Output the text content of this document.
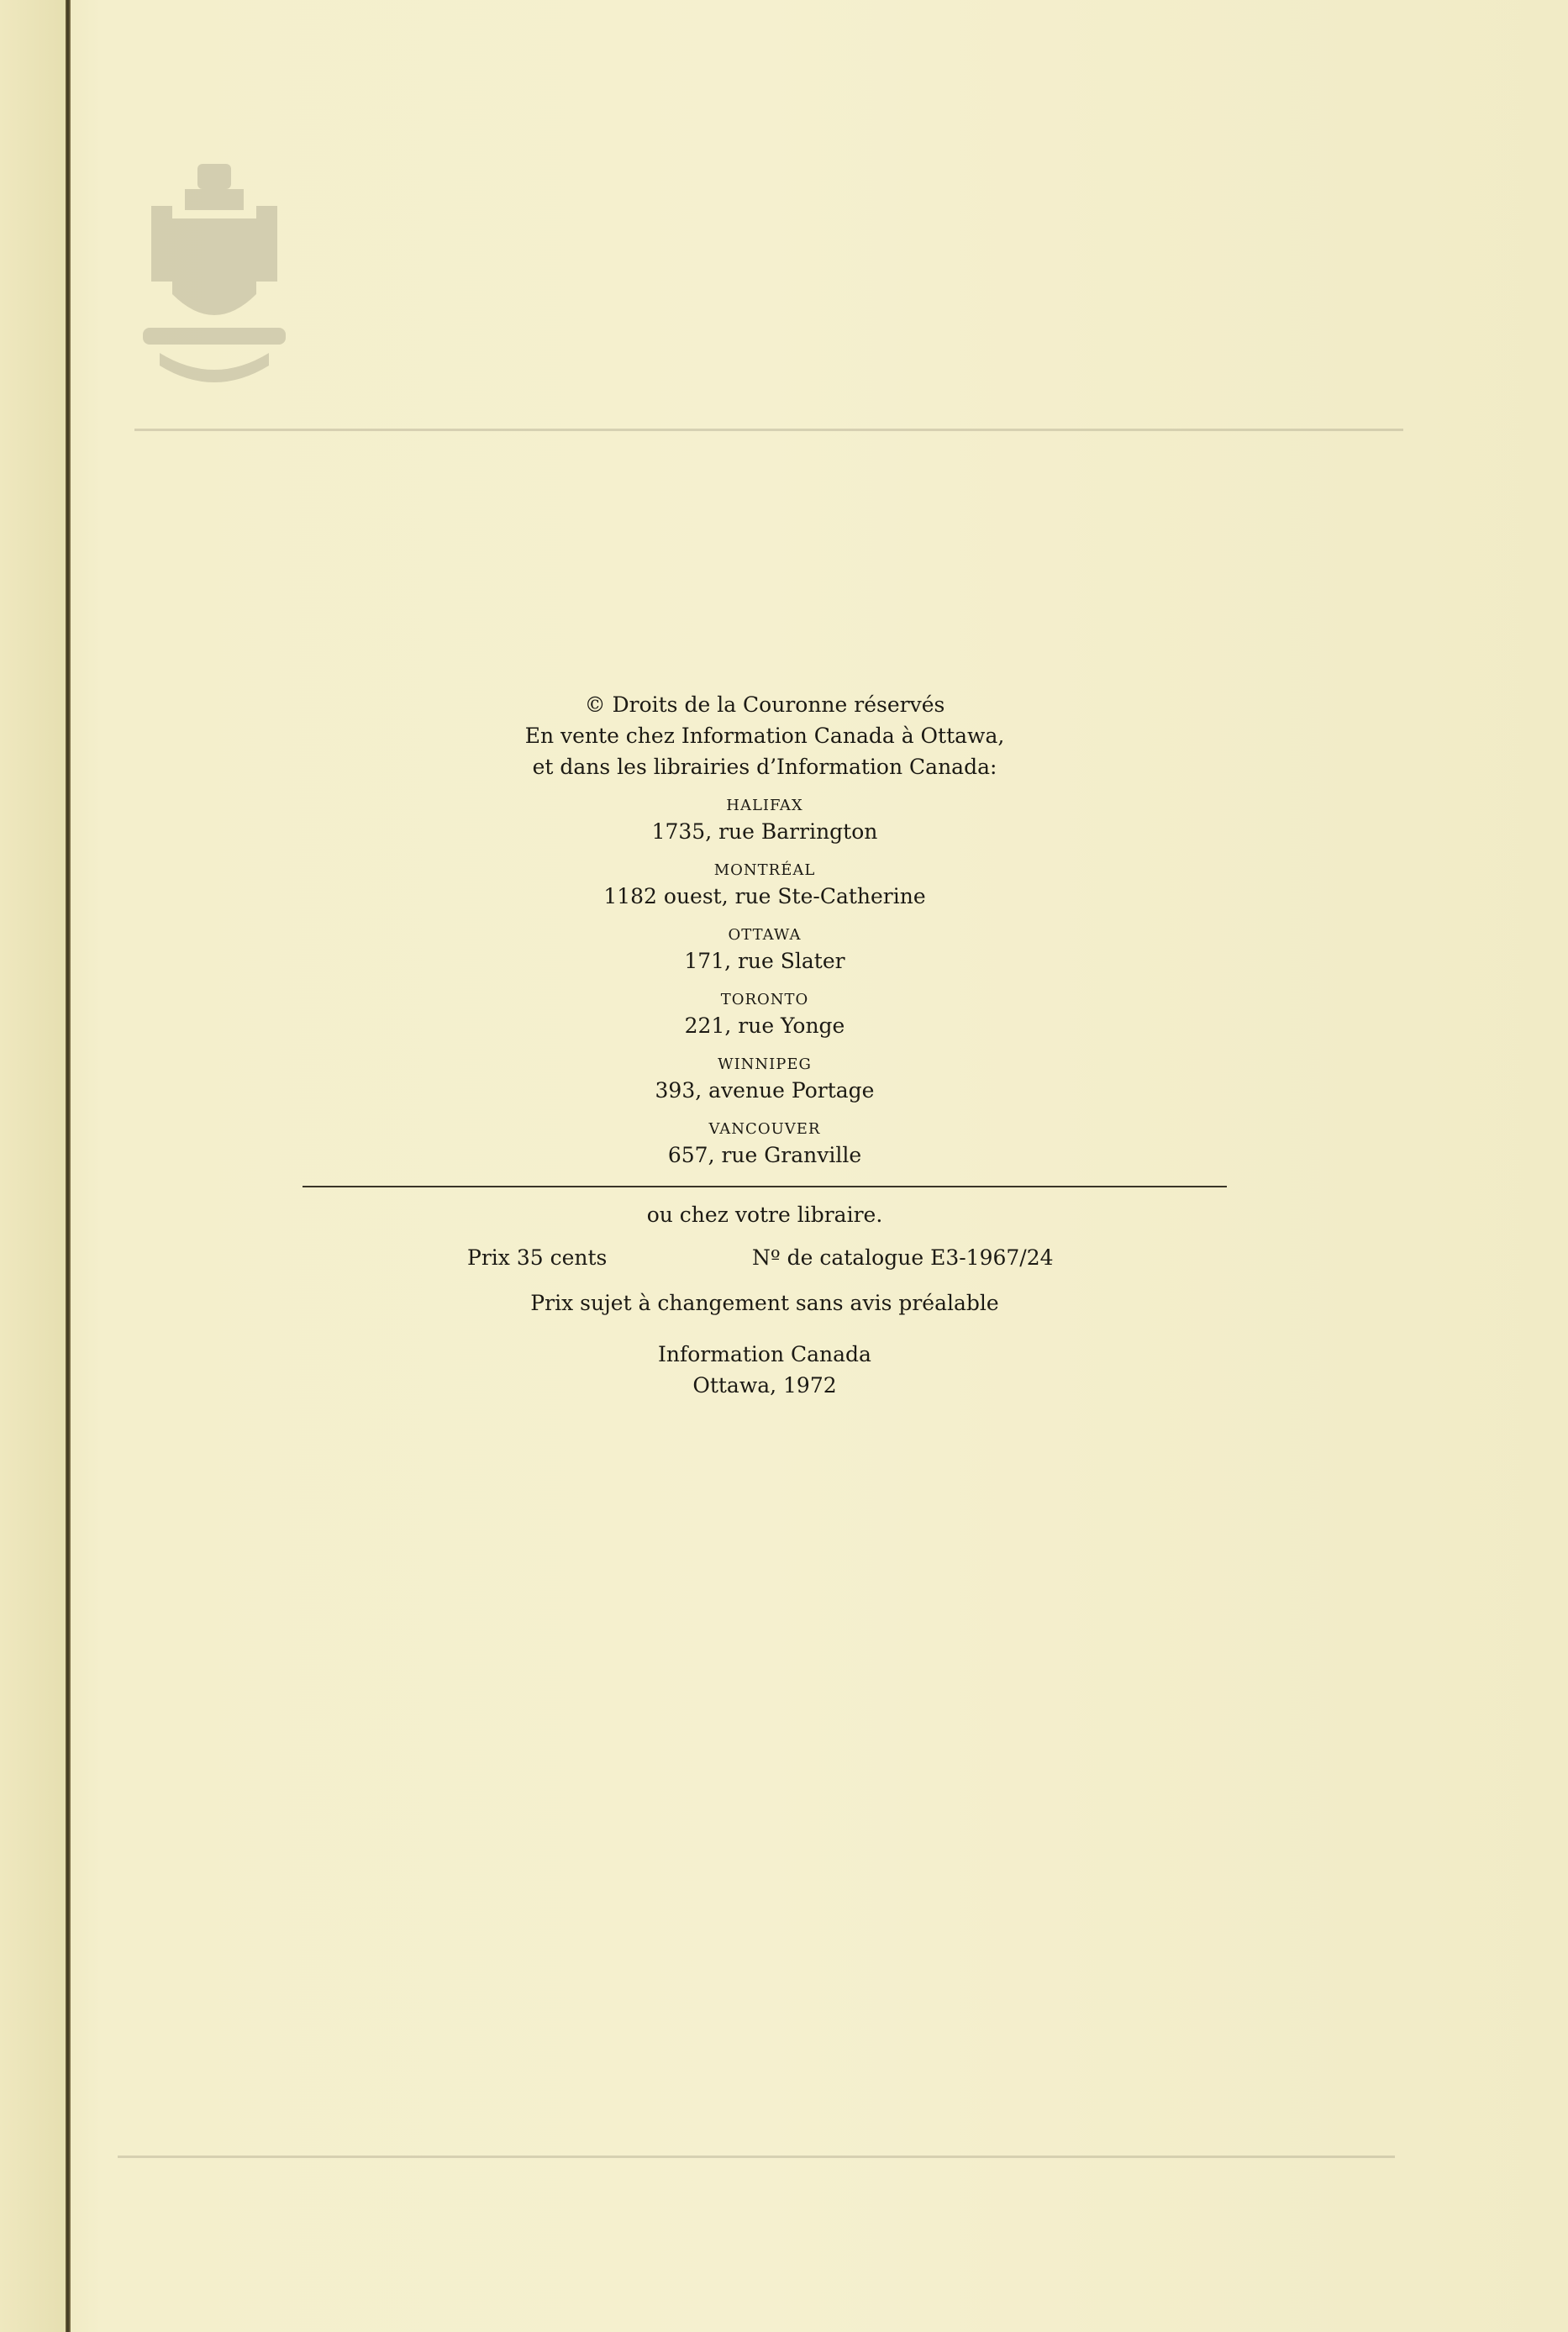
© Droits de la Couronne réservés
En vente chez Information Canada à Ottawa,
et dans les librairies d’Information Canada:
HALIFAX
1735, rue Barrington
MONTRÉAL
1182 ouest, rue Ste-Catherine
OTTAWA
171, rue Slater
TORONTO
221, rue Yonge
WINNIPEG
393, avenue Portage
VANCOUVER
657, rue Granville
ou chez votre libraire.
Prix 35 cents	Nº de catalogue E3-1967/24
Prix sujet à changement sans avis préalable
Information Canada
Ottawa, 1972
